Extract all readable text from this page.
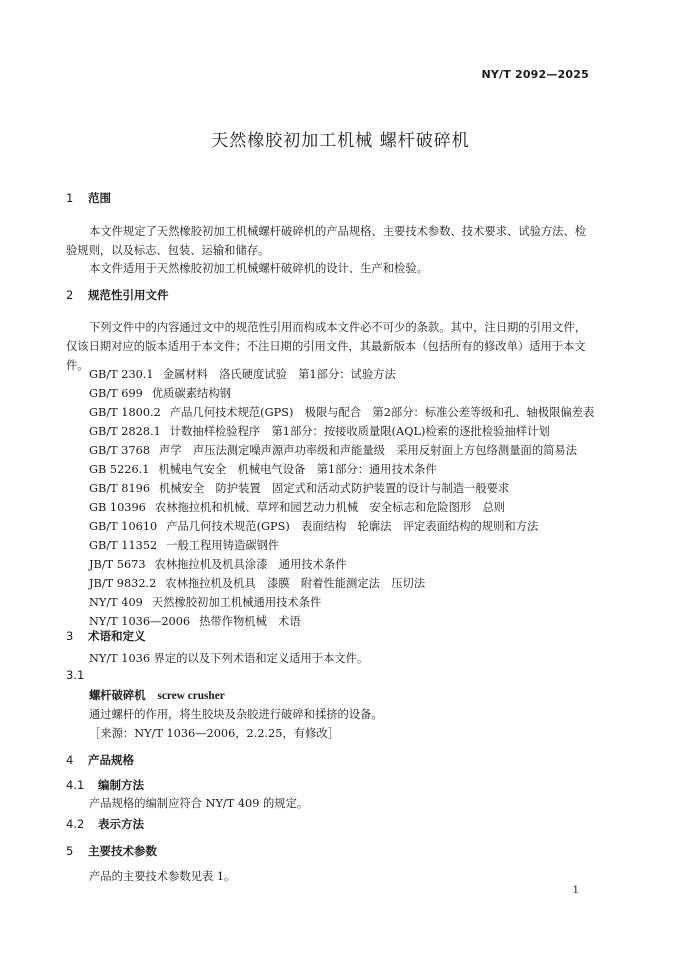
NY/T 2092—2025
天然橡胶初加工机械 螺杆破碎机
1 范围
本文件规定了天然橡胶初加工机械螺杆破碎机的产品规格、主要技术参数、技术要求、试验方法、检验规则，以及标志、包装、运输和储存。
本文件适用于天然橡胶初加工机械螺杆破碎机的设计、生产和检验。
2 规范性引用文件
下列文件中的内容通过文中的规范性引用而构成本文件必不可少的条款。其中，注日期的引用文件，仅该日期对应的版本适用于本文件；不注日期的引用文件，其最新版本（包括所有的修改单）适用于本文件。
GB/T 230.1 金属材料　洛氏硬度试验　第1部分：试验方法
GB/T 699 优质碳素结构钢
GB/T 1800.2 产品几何技术规范(GPS)　极限与配合　第2部分：标准公差等级和孔、轴极限偏差表
GB/T 2828.1 计数抽样检验程序　第1部分：按接收质量限(AQL)检索的逐批检验抽样计划
GB/T 3768 声学　声压法测定噪声源声功率级和声能量级　采用反射面上方包络测量面的简易法
GB 5226.1 机械电气安全　机械电气设备　第1部分：通用技术条件
GB/T 8196 机械安全　防护装置　固定式和活动式防护装置的设计与制造一般要求
GB 10396 农林拖拉机和机械、草坪和园艺动力机械　安全标志和危险图形　总则
GB/T 10610 产品几何技术规范(GPS)　表面结构　轮廓法　评定表面结构的规则和方法
GB/T 11352 一般工程用铸造碳钢件
JB/T 5673 农林拖拉机及机具涂漆　通用技术条件
JB/T 9832.2 农林拖拉机及机具　漆膜　附着性能测定法　压切法
NY/T 409 天然橡胶初加工机械通用技术条件
NY/T 1036—2006 热带作物机械　术语
3 术语和定义
NY/T 1036 界定的以及下列术语和定义适用于本文件。
3.1
螺杆破碎机 screw crusher
通过螺杆的作用，将生胶块及杂胶进行破碎和揉挤的设备。
［来源：NY/T 1036—2006，2.2.25，有修改］
4 产品规格
4.1 编制方法
产品规格的编制应符合 NY/T 409 的规定。
4.2 表示方法
5 主要技术参数
产品的主要技术参数见表 1。
1
